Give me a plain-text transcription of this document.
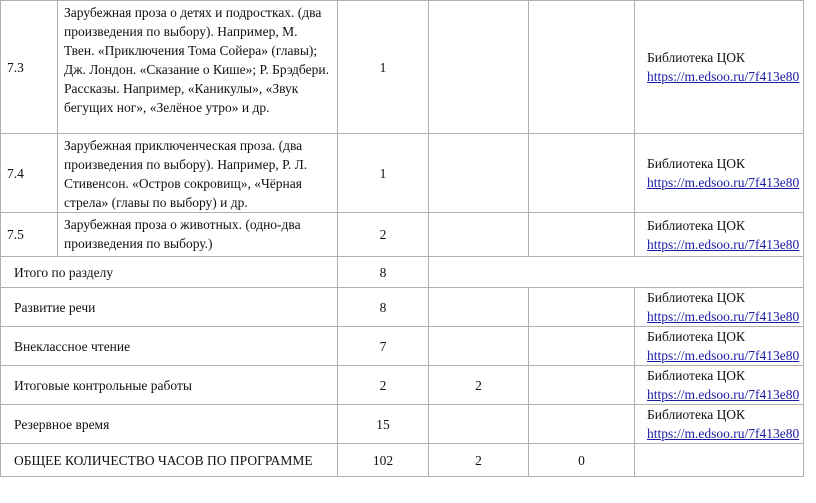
7.3	Зарубежная проза о детях и подростках. (два произведения по выбору). Например, М. Твен. «Приключения Тома Сойера» (главы); Дж. Лондон. «Сказание о Кише»; Р. Брэдбери. Рассказы. Например, «Каникулы», «Звук бегущих ног», «Зелёное утро» и др.	1			Библиотека ЦОК
https://m.edsoo.ru/7f413e80
7.4	Зарубежная приключенческая проза. (два произведения по выбору). Например, Р. Л. Стивенсон. «Остров сокровищ», «Чёрная стрела» (главы по выбору) и др.	1			Библиотека ЦОК
https://m.edsoo.ru/7f413e80
7.5	Зарубежная проза о животных. (одно-два произведения по выбору.)	2			Библиотека ЦОК
https://m.edsoo.ru/7f413e80
Итого по разделу		8			
Развитие речи		8			Библиотека ЦОК
https://m.edsoo.ru/7f413e80
Внеклассное чтение		7			Библиотека ЦОК
https://m.edsoo.ru/7f413e80
Итоговые контрольные работы		2	2		Библиотека ЦОК
https://m.edsoo.ru/7f413e80
Резервное время		15			Библиотека ЦОК
https://m.edsoo.ru/7f413e80
ОБЩЕЕ КОЛИЧЕСТВО ЧАСОВ ПО ПРОГРАММЕ		102	2	0	
